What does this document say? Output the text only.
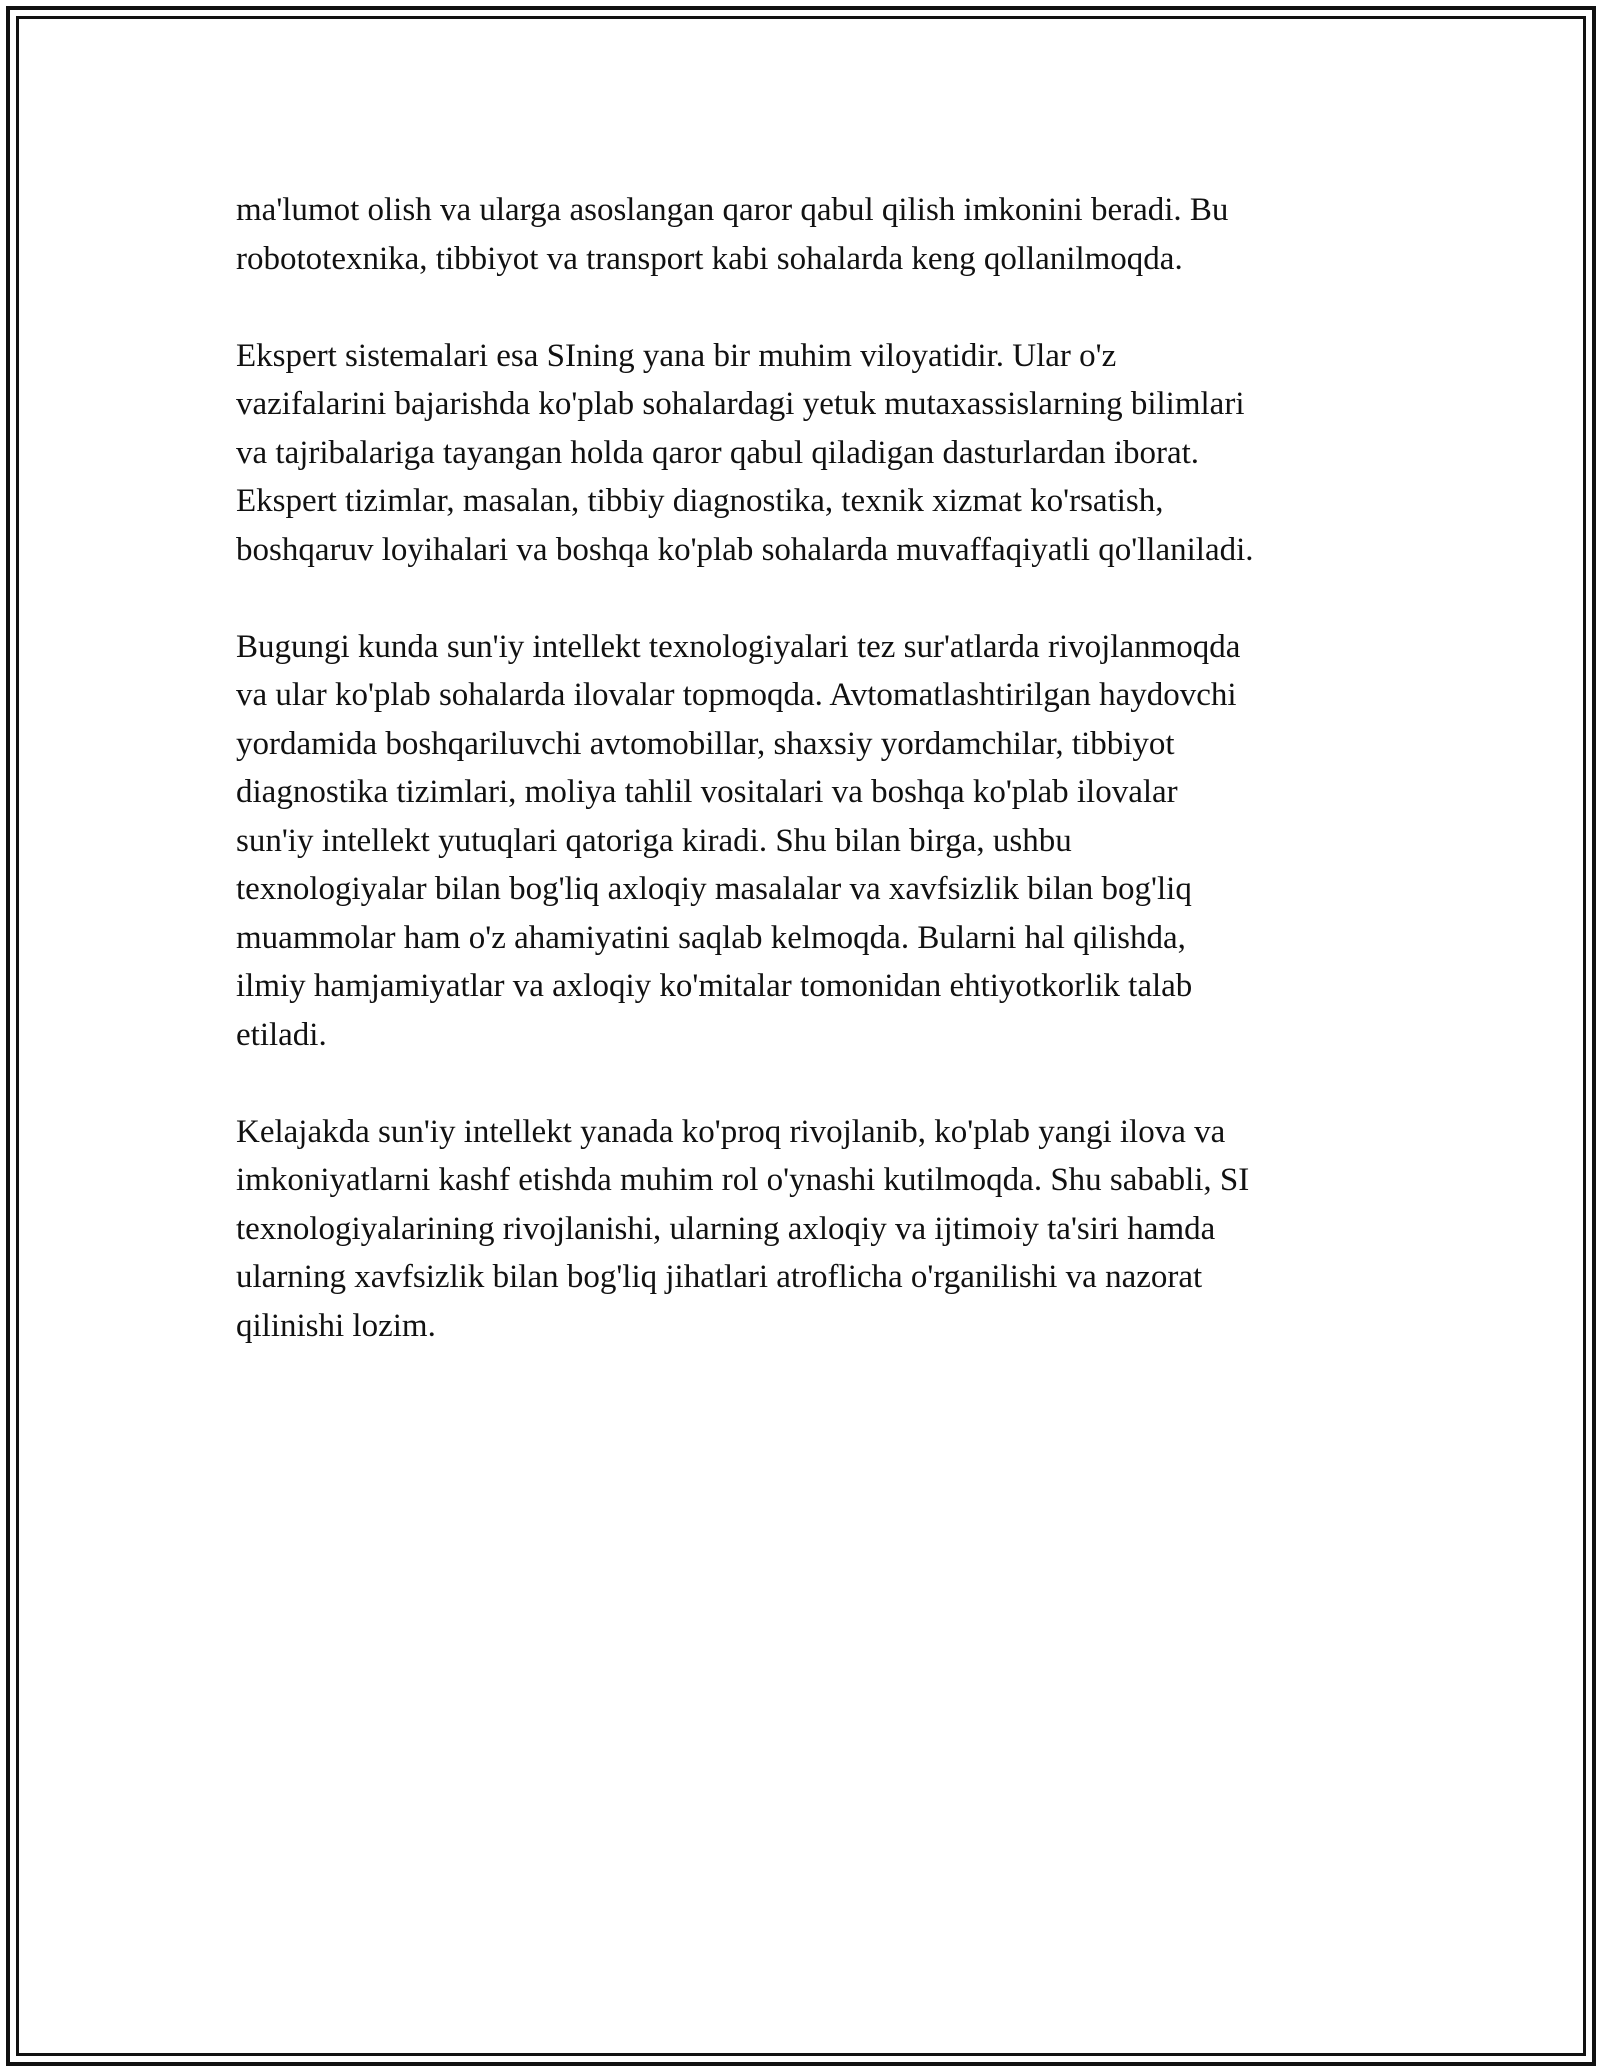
ma'lumot olish va ularga asoslangan qaror qabul qilish imkonini beradi. Bu
robototexnika, tibbiyot va transport kabi sohalarda keng qollanilmoqda.

Ekspert sistemalari esa SIning yana bir muhim viloyatidir. Ular o'z
vazifalarini bajarishda ko'plab sohalardagi yetuk mutaxassislarning bilimlari
va tajribalariga tayangan holda qaror qabul qiladigan dasturlardan iborat.
Ekspert tizimlar, masalan, tibbiy diagnostika, texnik xizmat ko'rsatish,
boshqaruv loyihalari va boshqa ko'plab sohalarda muvaffaqiyatli qo'llaniladi.

Bugungi kunda sun'iy intellekt texnologiyalari tez sur'atlarda rivojlanmoqda
va ular ko'plab sohalarda ilovalar topmoqda. Avtomatlashtirilgan haydovchi
yordamida boshqariluvchi avtomobillar, shaxsiy yordamchilar, tibbiyot
diagnostika tizimlari, moliya tahlil vositalari va boshqa ko'plab ilovalar
sun'iy intellekt yutuqlari qatoriga kiradi. Shu bilan birga, ushbu
texnologiyalar bilan bog'liq axloqiy masalalar va xavfsizlik bilan bog'liq
muammolar ham o'z ahamiyatini saqlab kelmoqda. Bularni hal qilishda,
ilmiy hamjamiyatlar va axloqiy ko'mitalar tomonidan ehtiyotkorlik talab
etiladi.

Kelajakda sun'iy intellekt yanada ko'proq rivojlanib, ko'plab yangi ilova va
imkoniyatlarni kashf etishda muhim rol o'ynashi kutilmoqda. Shu sababli, SI
texnologiyalarining rivojlanishi, ularning axloqiy va ijtimoiy ta'siri hamda
ularning xavfsizlik bilan bog'liq jihatlari atroflicha o'rganilishi va nazorat
qilinishi lozim.
